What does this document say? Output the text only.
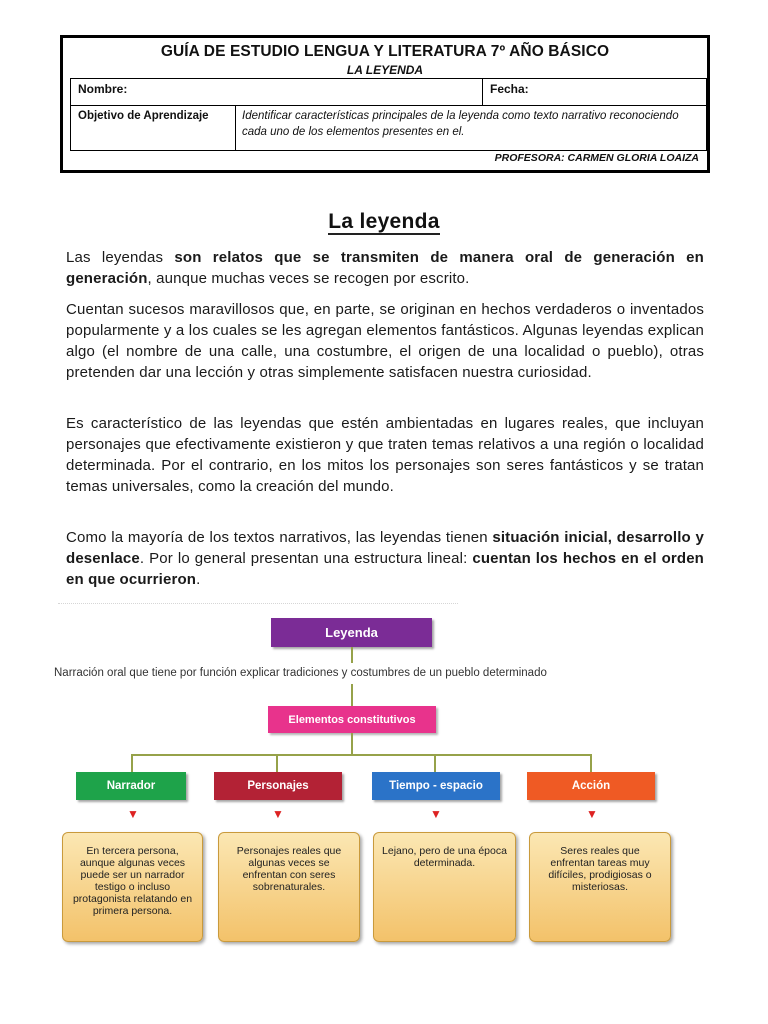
GUÍA DE ESTUDIO LENGUA Y LITERATURA 7º AÑO BÁSICO
LA LEYENDA
Nombre:	Fecha:
Objetivo de Aprendizaje	Identificar características principales de la leyenda como texto narrativo reconociendo cada uno de los elementos presentes en el.
PROFESORA: CARMEN GLORIA LOAIZA
La leyenda
Las leyendas son relatos que se transmiten de manera oral de generación en generación, aunque muchas veces se recogen por escrito.
Cuentan sucesos maravillosos que, en parte, se originan en hechos verdaderos o inventados popularmente y a los cuales se les agregan elementos fantásticos. Algunas leyendas explican algo (el nombre de una calle, una costumbre, el origen de una localidad o pueblo), otras pretenden dar una lección y otras simplemente satisfacen nuestra curiosidad.
Es característico de las leyendas que estén ambientadas en lugares reales, que incluyan personajes que efectivamente existieron y que traten temas relativos a una región o localidad determinada. Por el contrario, en los mitos los personajes son seres fantásticos y se tratan temas universales, como la creación del mundo.
Como la mayoría de los textos narrativos, las leyendas tienen situación inicial, desarrollo y desenlace. Por lo general presentan una estructura lineal: cuentan los hechos en el orden en que ocurrieron.
Leyenda
Narración oral que tiene por función explicar tradiciones y costumbres de un pueblo determinado
Elementos constitutivos
Narrador	Personajes	Tiempo - espacio	Acción
▼	▼	▼	▼
En tercera persona, aunque algunas veces puede ser un narrador testigo o incluso protagonista relatando en primera persona.
Personajes reales que algunas veces se enfrentan con seres sobrenaturales.
Lejano, pero de una época determinada.
Seres reales que enfrentan tareas muy difíciles, prodigiosas o misteriosas.
